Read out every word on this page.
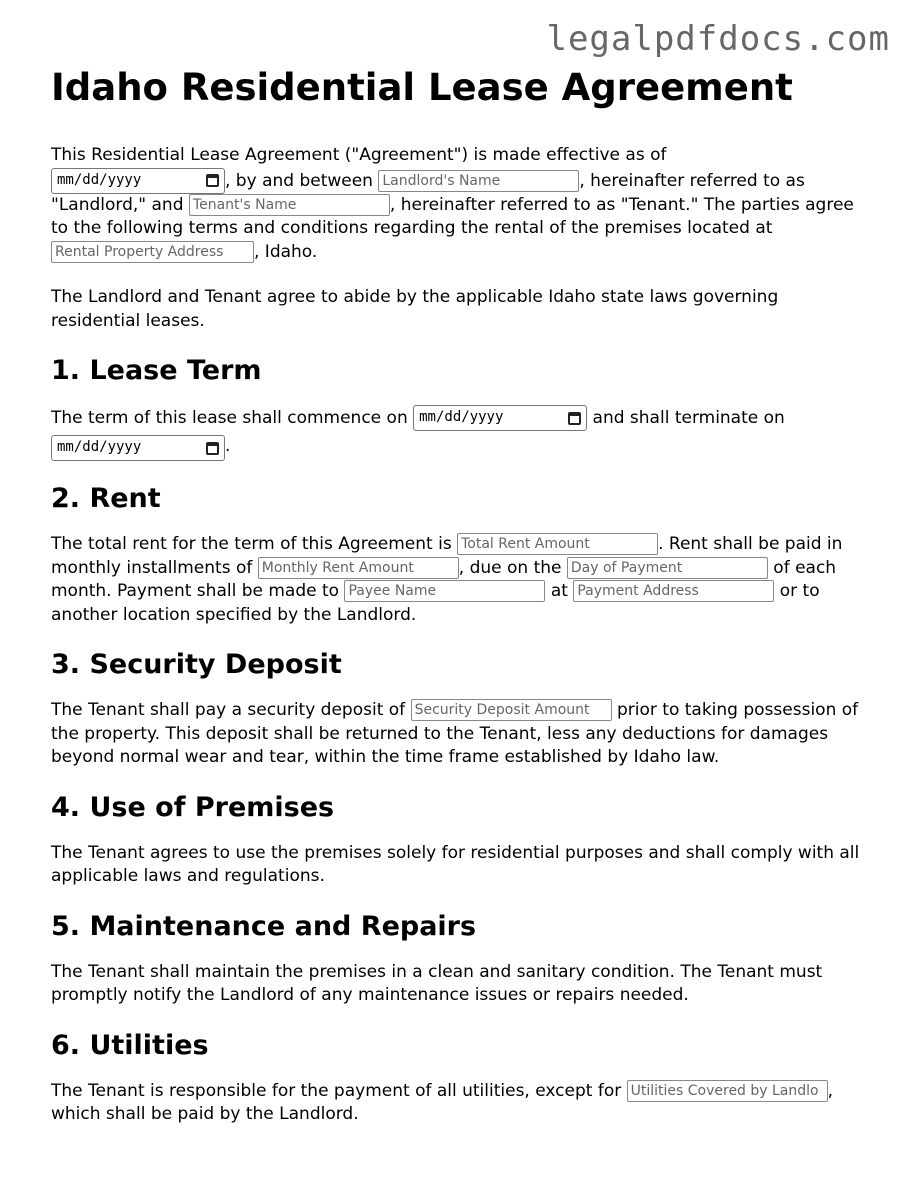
legalpdfdocs.com

Idaho Residential Lease Agreement

This Residential Lease Agreement ("Agreement") is made effective as of

mm/dd/yyyy	, by and between Landlord's Name	, hereinafter referred to as "Landlord," and Tenant's Name	, hereinafter referred to as "Tenant." The parties agree to the following terms and conditions regarding the rental of the premises located at Rental Property Address , Idaho.

The Landlord and Tenant agree to abide by the applicable Idaho state laws governing residential leases.

1. Lease Term

The term of this lease shall commence on mm/dd/yyyy	and shall terminate on
mm/dd/yyyy	.

2. Rent

The total rent for the term of this Agreement is Total Rent Amount	. Rent shall be paid in monthly installments of Monthly Rent Amount	, due on the Day of Payment	of each month. Payment shall be made to Payee Name	at Payment Address	or to another location specified by the Landlord.

3. Security Deposit

The Tenant shall pay a security deposit of Security Deposit Amount prior to taking possession of the property. This deposit shall be returned to the Tenant, less any deductions for damages beyond normal wear and tear, within the time frame established by Idaho law.

4. Use of Premises

The Tenant agrees to use the premises solely for residential purposes and shall comply with all applicable laws and regulations.

5. Maintenance and Repairs

The Tenant shall maintain the premises in a clean and sanitary condition. The Tenant must promptly notify the Landlord of any maintenance issues or repairs needed.

6. Utilities

The Tenant is responsible for the payment of all utilities, except for Utilities Covered by Landlo , which shall be paid by the Landlord.
